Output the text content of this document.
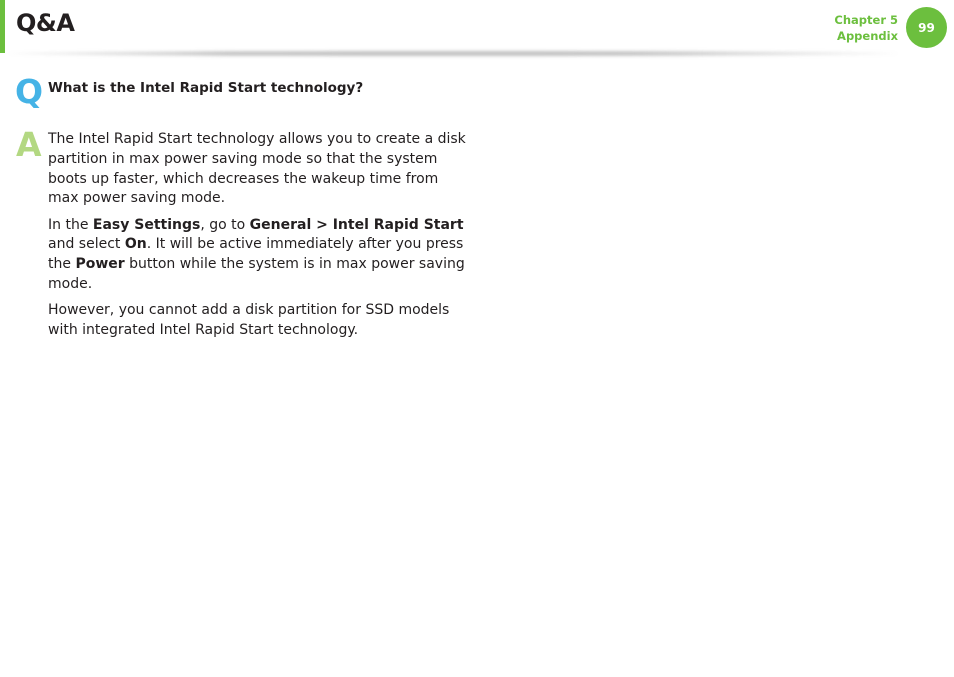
Q&A	Chapter 5
Appendix
99
Q What is the Intel Rapid Start technology?
A The Intel Rapid Start technology allows you to create a disk partition in max power saving mode so that the system boots up faster, which decreases the wakeup time from max power saving mode.

In the Easy Settings, go to General > Intel Rapid Start and select On. It will be active immediately after you press the Power button while the system is in max power saving mode.

However, you cannot add a disk partition for SSD models with integrated Intel Rapid Start technology.
